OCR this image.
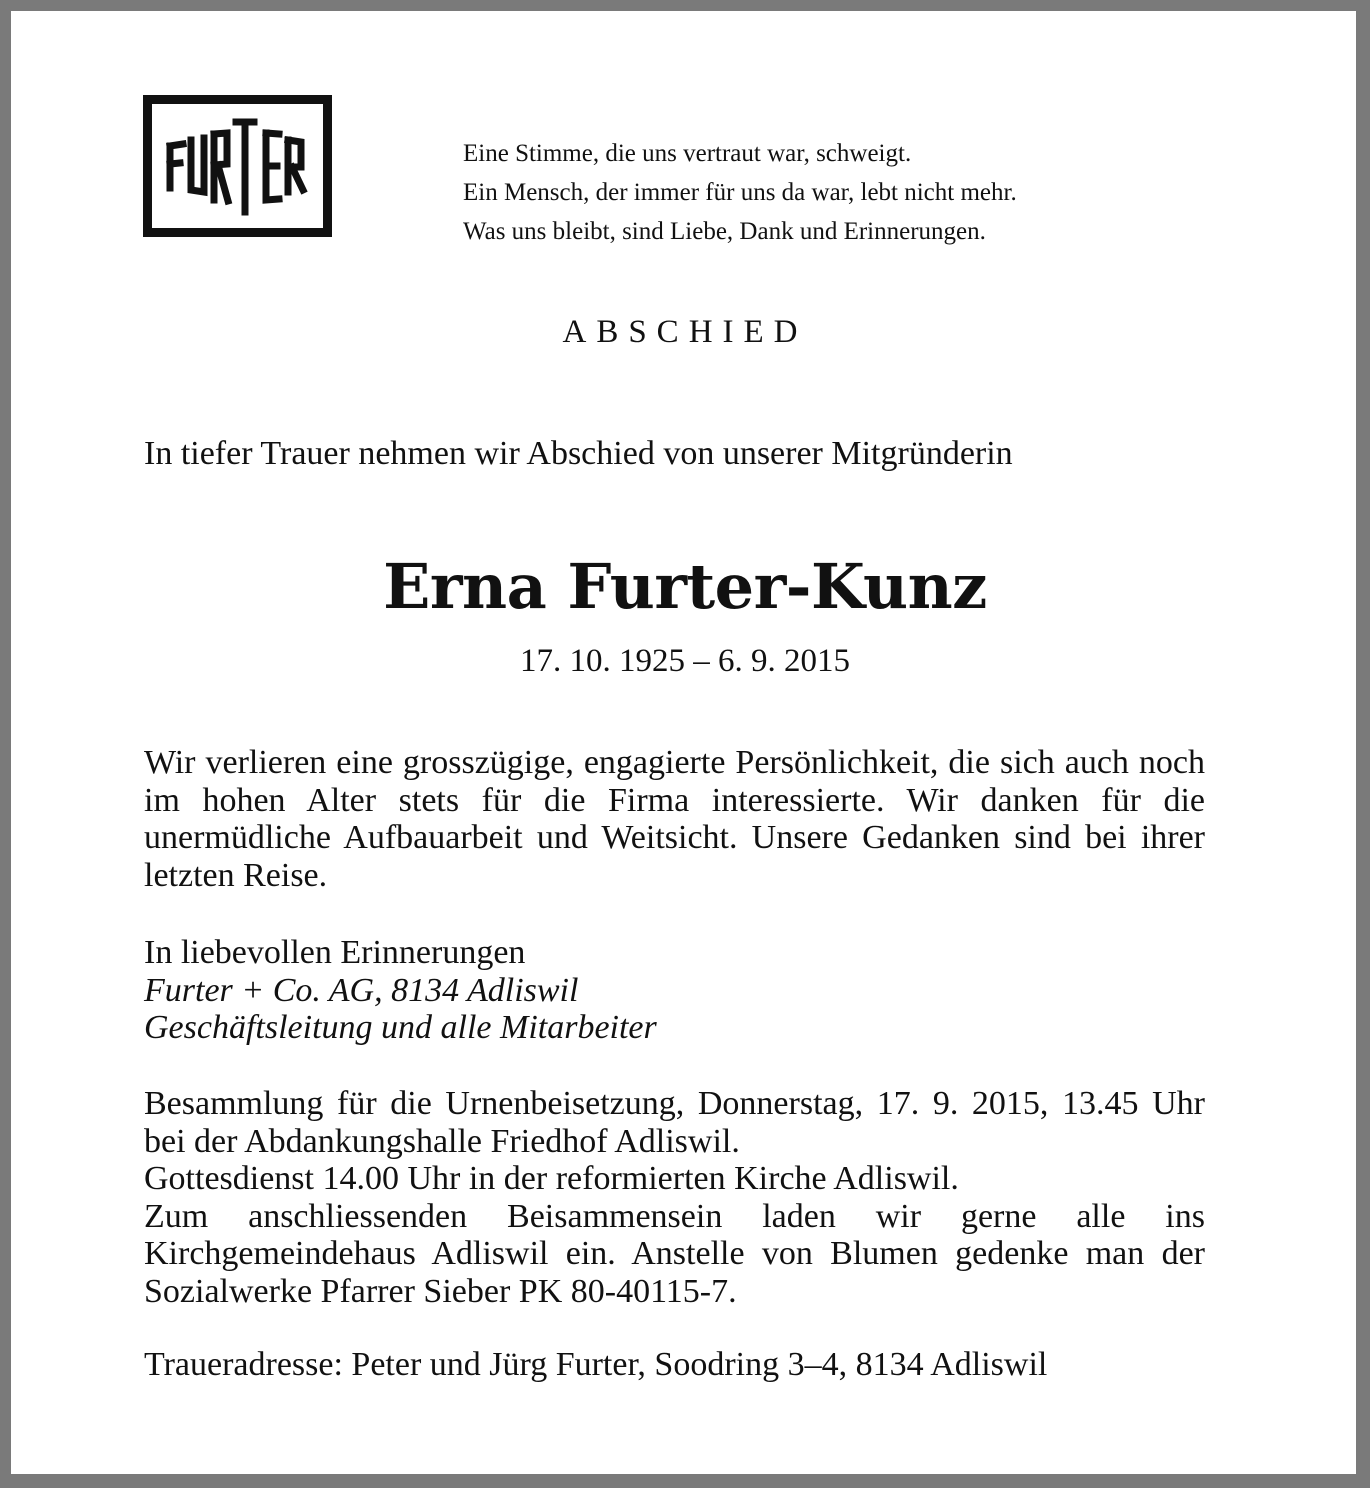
Eine Stimme, die uns vertraut war, schweigt.
Ein Mensch, der immer für uns da war, lebt nicht mehr.
Was uns bleibt, sind Liebe, Dank und Erinnerungen.
ABSCHIED
In tiefer Trauer nehmen wir Abschied von unserer Mitgründerin
Erna Furter-Kunz
17. 10. 1925 – 6. 9. 2015
Wir verlieren eine grosszügige, engagierte Persönlichkeit, die sich auch noch im hohen Alter stets für die Firma interessierte. Wir danken für die unermüdliche Aufbauarbeit und Weitsicht. Unsere Gedanken sind bei ihrer letzten Reise.
In liebevollen Erinnerungen
Furter + Co. AG, 8134 Adliswil
Geschäftsleitung und alle Mitarbeiter
Besammlung für die Urnenbeisetzung, Donnerstag, 17. 9. 2015, 13.45 Uhr bei der Abdankungshalle Friedhof Adliswil.
Gottesdienst 14.00 Uhr in der reformierten Kirche Adliswil.
Zum anschliessenden Beisammensein laden wir gerne alle ins Kirchgemeindehaus Adliswil ein. Anstelle von Blumen gedenke man der Sozialwerke Pfarrer Sieber PK 80-40115-7.
Traueradresse: Peter und Jürg Furter, Soodring 3–4, 8134 Adliswil
